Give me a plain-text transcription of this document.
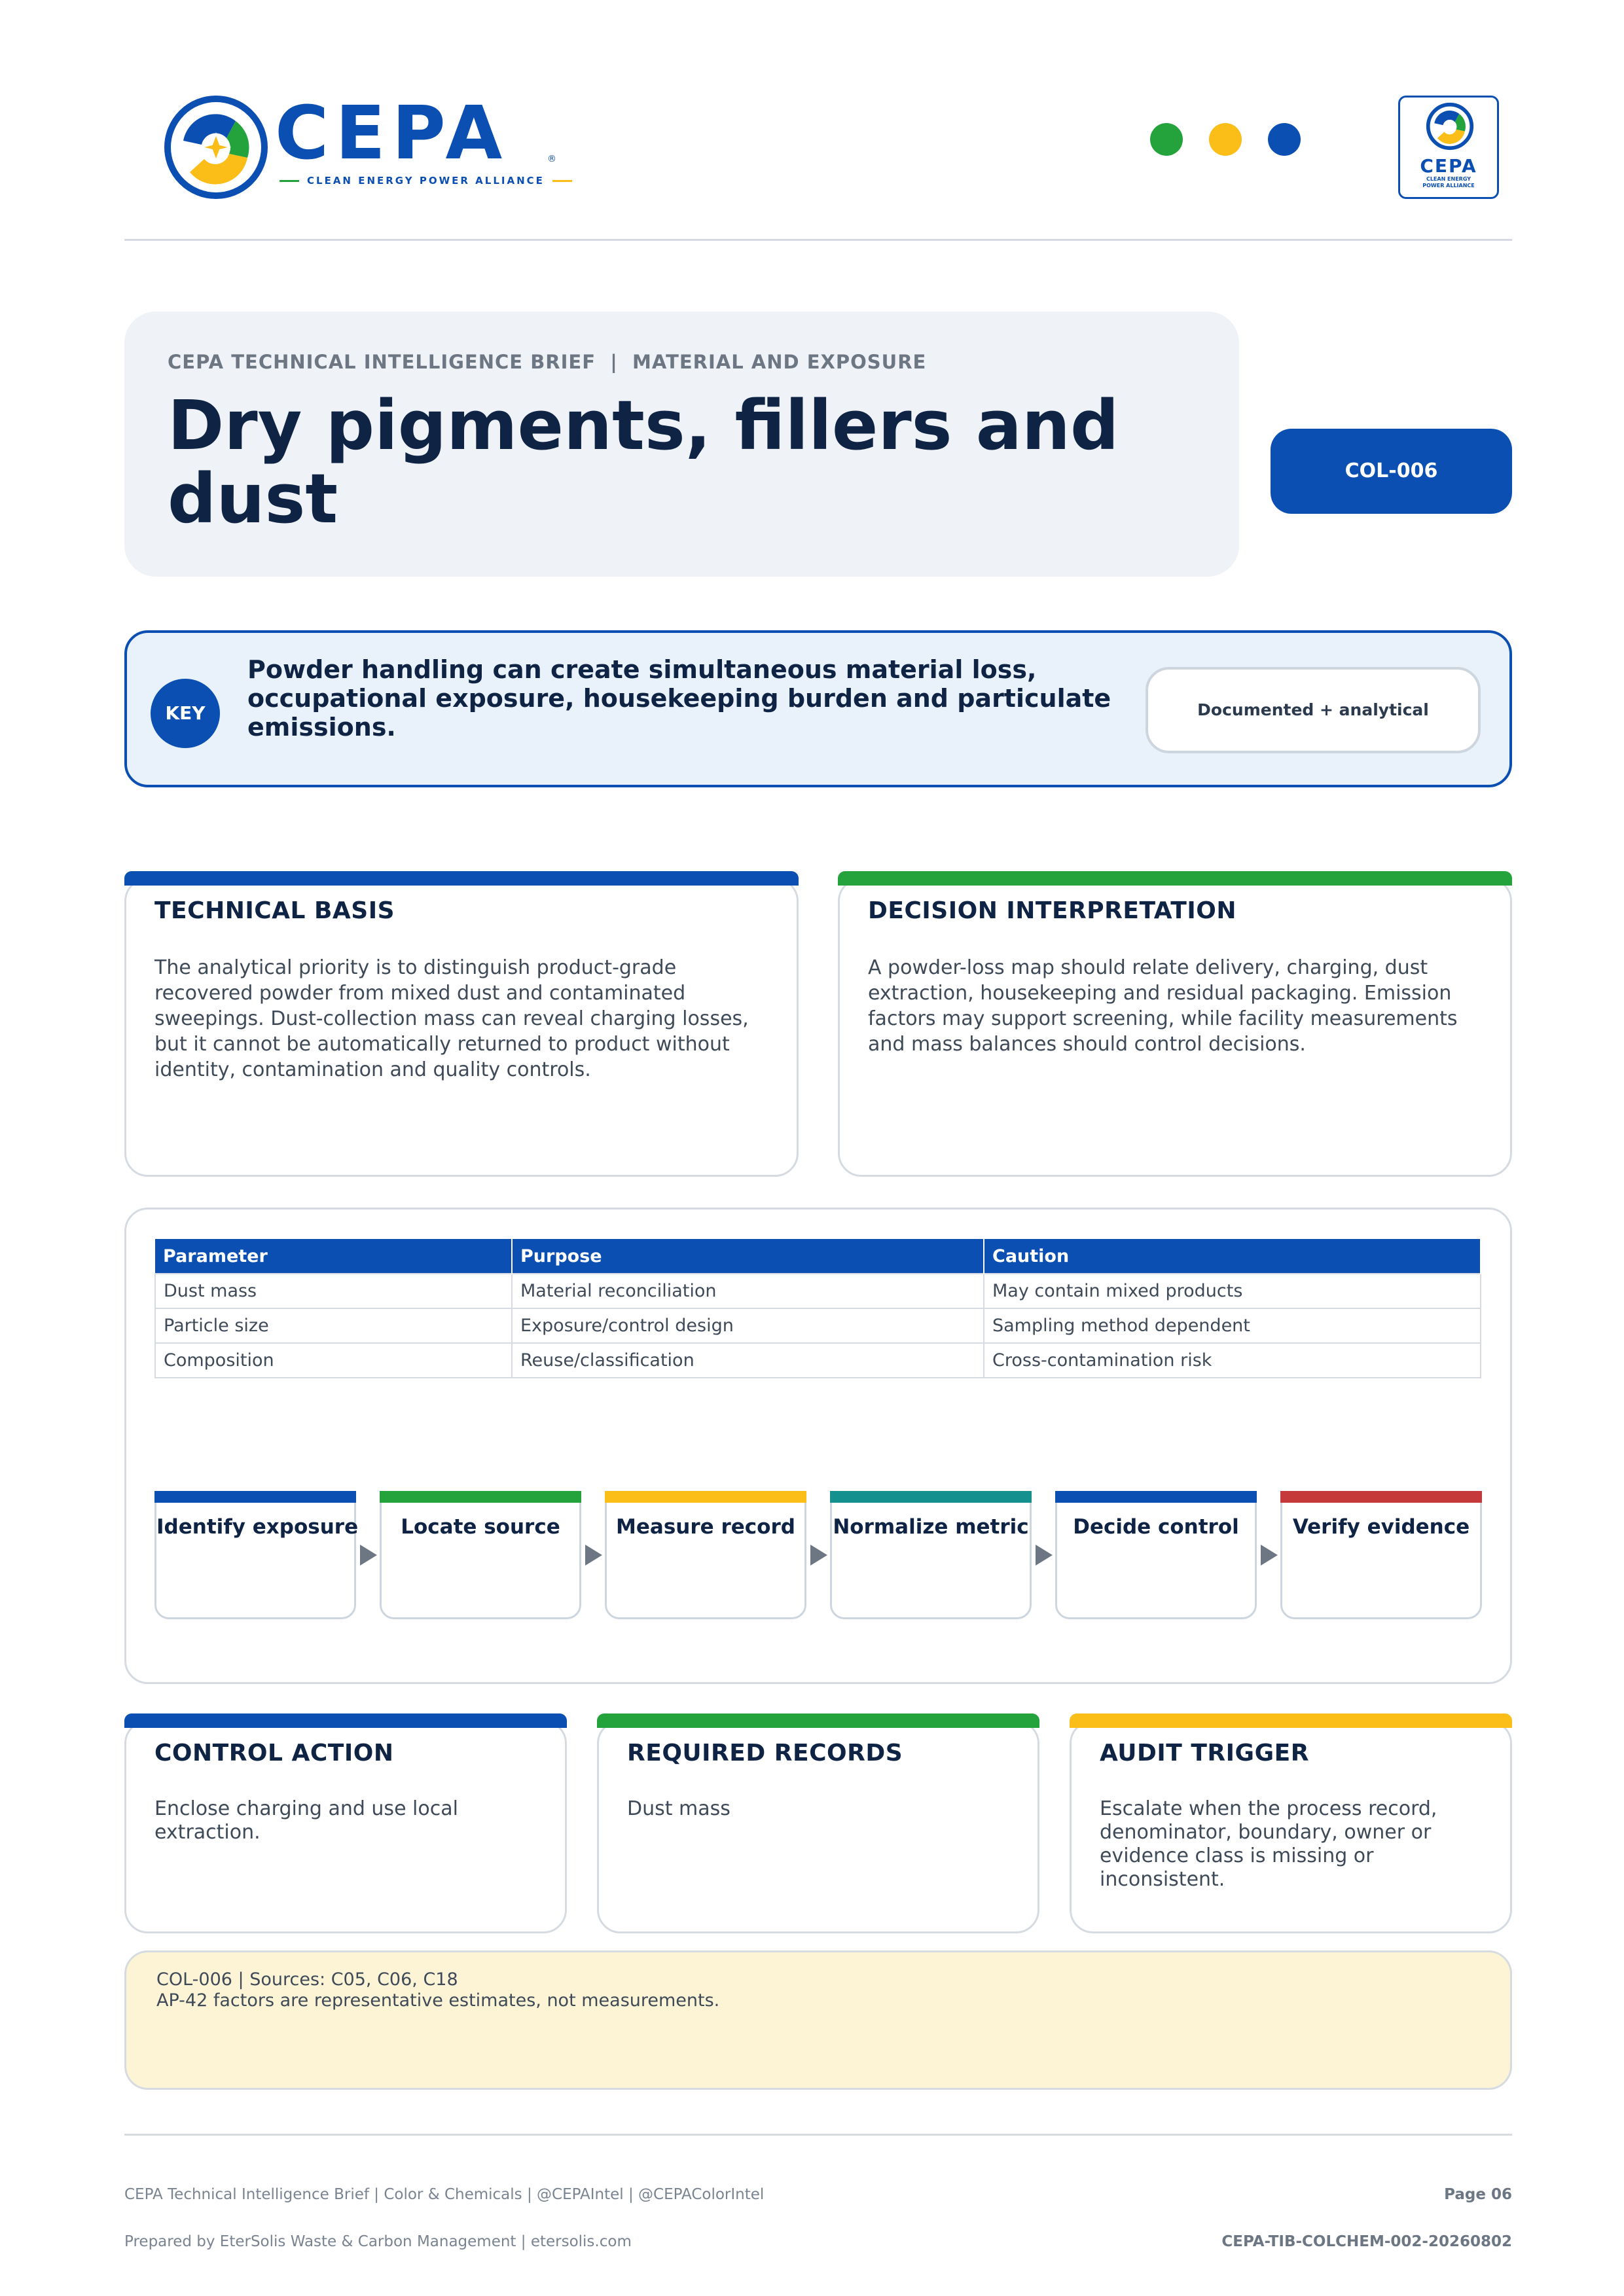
CEPA	®
CLEAN ENERGY POWER ALLIANCE
CEPA
CLEAN ENERGY
POWER ALLIANCE
CEPA TECHNICAL INTELLIGENCE BRIEF  |  MATERIAL AND EXPOSURE
Dry pigments, fillers and dust	COL-006
KEY
Powder handling can create simultaneous material loss, occupational exposure, housekeeping burden and particulate emissions.
Documented + analytical
TECHNICAL BASIS
The analytical priority is to distinguish product-grade recovered powder from mixed dust and contaminated sweepings. Dust-collection mass can reveal charging losses, but it cannot be automatically returned to product without identity, contamination and quality controls.
DECISION INTERPRETATION
A powder-loss map should relate delivery, charging, dust extraction, housekeeping and residual packaging. Emission factors may support screening, while facility measurements and mass balances should control decisions.
Parameter	Purpose	Caution
Dust mass	Material reconciliation	May contain mixed products
Particle size	Exposure/control design	Sampling method dependent
Composition	Reuse/classification	Cross-contamination risk
Identify exposure	Locate source	Measure record	Normalize metric	Decide control	Verify evidence
CONTROL ACTION
Enclose charging and use local extraction.
REQUIRED RECORDS
Dust mass
AUDIT TRIGGER
Escalate when the process record, denominator, boundary, owner or evidence class is missing or inconsistent.
COL-006 | Sources: C05, C06, C18
AP-42 factors are representative estimates, not measurements.
CEPA Technical Intelligence Brief | Color & Chemicals | @CEPAIntel | @CEPAColorIntel
Prepared by EterSolis Waste & Carbon Management | etersolis.com
Page 06
CEPA-TIB-COLCHEM-002-20260802
